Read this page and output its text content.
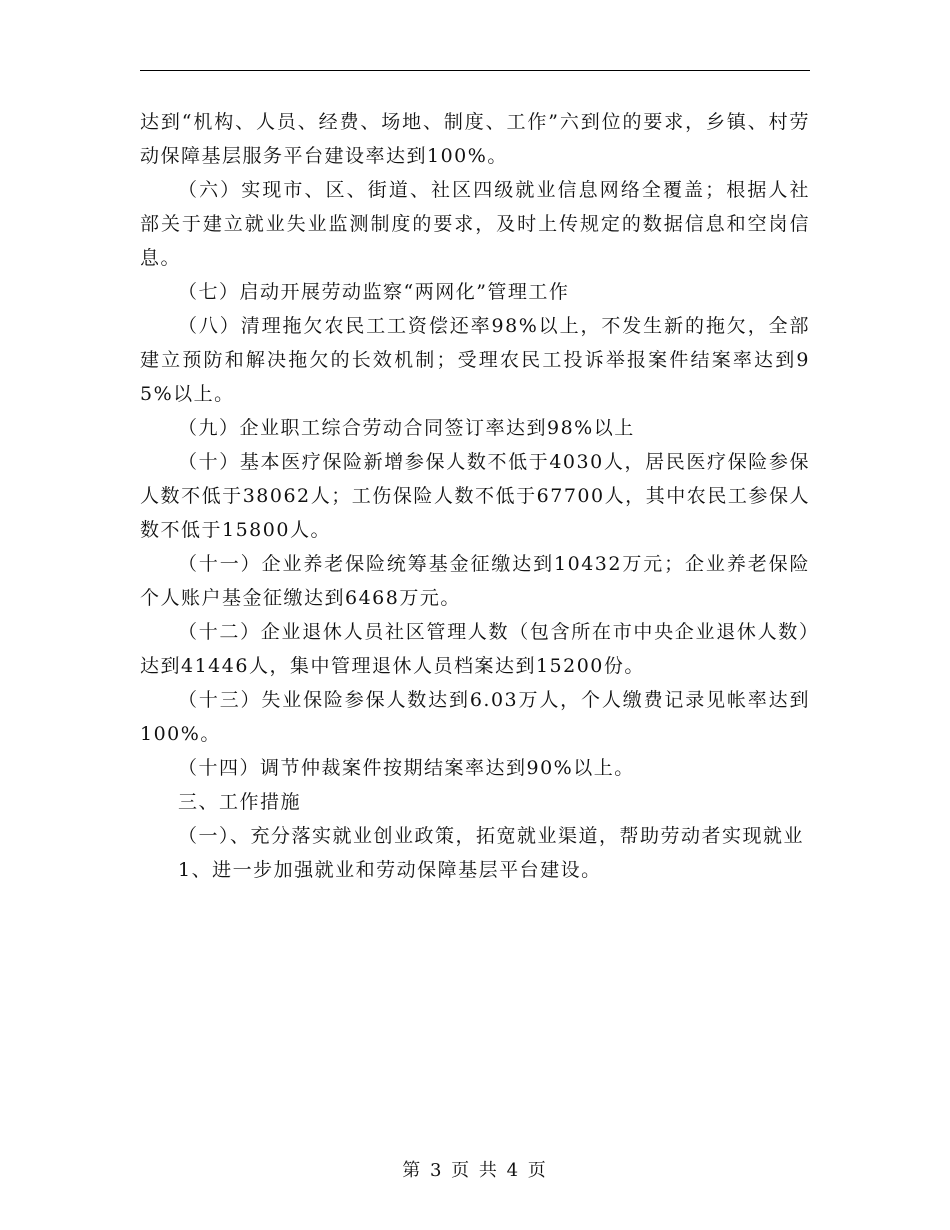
达到“机构、人员、经费、场地、制度、工作”六到位的要求，乡镇、村劳动保障基层服务平台建设率达到100%。

（六）实现市、区、街道、社区四级就业信息网络全覆盖；根据人社部关于建立就业失业监测制度的要求，及时上传规定的数据信息和空岗信息。

（七）启动开展劳动监察“两网化”管理工作

（八）清理拖欠农民工工资偿还率98%以上，不发生新的拖欠，全部建立预防和解决拖欠的长效机制；受理农民工投诉举报案件结案率达到95%以上。

（九）企业职工综合劳动合同签订率达到98%以上

（十）基本医疗保险新增参保人数不低于4030人，居民医疗保险参保人数不低于38062人；工伤保险人数不低于67700人，其中农民工参保人数不低于15800人。

（十一）企业养老保险统筹基金征缴达到10432万元；企业养老保险个人账户基金征缴达到6468万元。

（十二）企业退休人员社区管理人数（包含所在市中央企业退休人数）达到41446人，集中管理退休人员档案达到15200份。

（十三）失业保险参保人数达到6.03万人，个人缴费记录见帐率达到100%。

（十四）调节仲裁案件按期结案率达到90%以上。

三、工作措施

（一）、充分落实就业创业政策，拓宽就业渠道，帮助劳动者实现就业

1、进一步加强就业和劳动保障基层平台建设。

第 3 页 共 4 页
